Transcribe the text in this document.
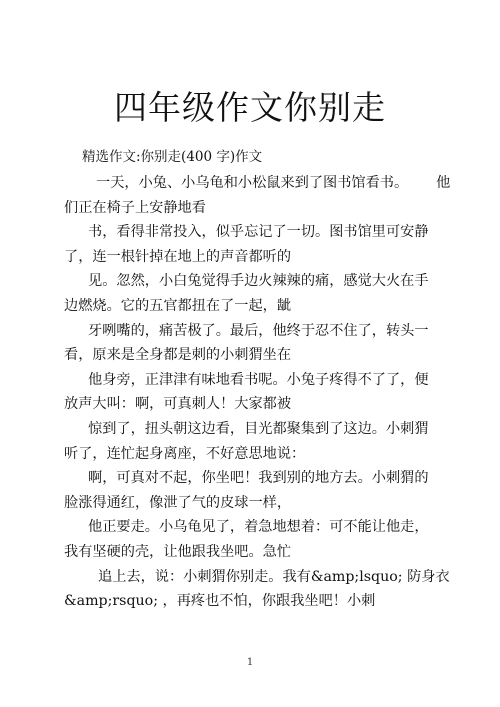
四年级作文你别走
精选作文:你别走(400 字)作文
一天，小兔、小乌龟和小松鼠来到了图书馆看书。 他
们正在椅子上安静地看
书，看得非常投入，似乎忘记了一切。图书馆里可安静
了，连一根针掉在地上的声音都听的
见。忽然，小白兔觉得手边火辣辣的痛，感觉大火在手
边燃烧。它的五官都扭在了一起，龇
牙咧嘴的，痛苦极了。最后，他终于忍不住了，转头一
看，原来是全身都是刺的小刺猬坐在
他身旁，正津津有味地看书呢。小兔子疼得不了了，便
放声大叫：啊，可真刺人！大家都被
惊到了，扭头朝这边看，目光都聚集到了这边。小刺猬
听了，连忙起身离座，不好意思地说：
啊，可真对不起，你坐吧！我到别的地方去。小刺猬的
脸涨得通红，像泄了气的皮球一样，
他正要走。小乌龟见了，着急地想着：可不能让他走，
我有坚硬的壳，让他跟我坐吧。急忙
追上去，说：小刺猬你别走。我有&amp;lsquo; 防身衣
&amp;rsquo; ，再疼也不怕，你跟我坐吧！小刺
1
